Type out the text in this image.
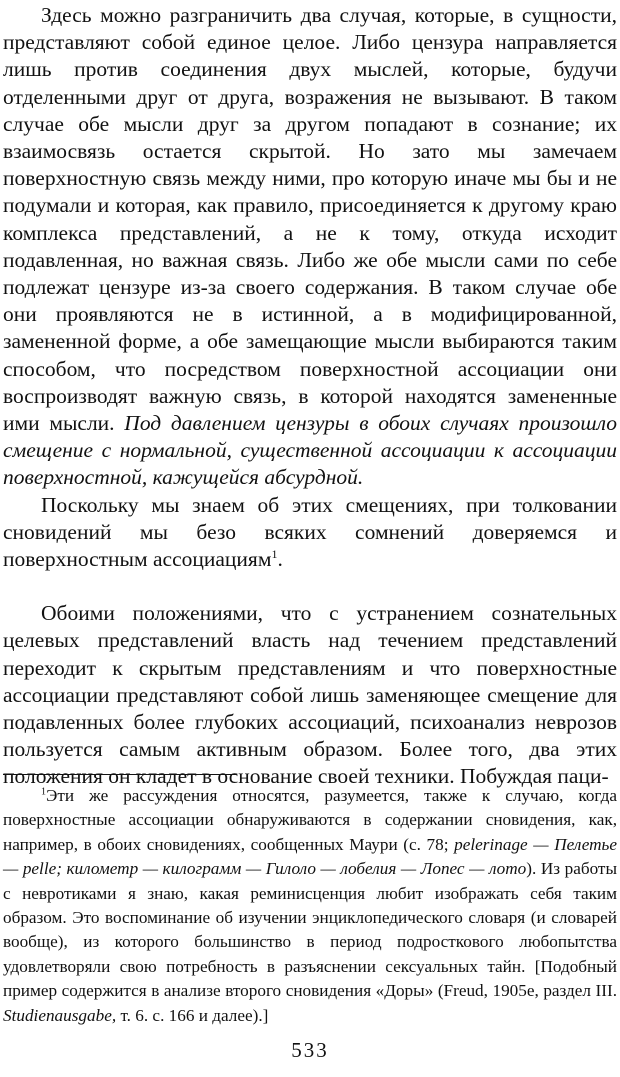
Здесь можно разграничить два случая, которые, в сущности, представляют собой единое целое. Либо цензура направляется лишь против соединения двух мыслей, которые, будучи отделенными друг от друга, возражения не вызывают. В таком случае обе мысли друг за другом попадают в сознание; их взаимосвязь остается скрытой. Но зато мы замечаем поверхностную связь между ними, про которую иначе мы бы и не подумали и которая, как правило, присоединяется к другому краю комплекса представлений, а не к тому, откуда исходит подавленная, но важная связь. Либо же обе мысли сами по себе подлежат цензуре из-за своего содержания. В таком случае обе они проявляются не в истинной, а в модифицированной, замененной форме, а обе замещающие мысли выбираются таким способом, что посредством поверхностной ассоциации они воспроизводят важную связь, в которой находятся замененные ими мысли. Под давлением цензуры в обоих случаях произошло смещение с нормальной, существенной ассоциации к ассоциации поверхностной, кажущейся абсурдной.

Поскольку мы знаем об этих смещениях, при толковании сновидений мы безо всяких сомнений доверяемся и поверхностным ассоциациям$^1$.

Обоими положениями, что с устранением сознательных целевых представлений власть над течением представлений переходит к скрытым представлениям и что поверхностные ассоциации представляют собой лишь заменяющее смещение для подавленных более глубоких ассоциаций, психоанализ неврозов пользуется самым активным образом. Более того, два этих положения он кладет в основание своей техники. Побуждая паци-

$^1$Эти же рассуждения относятся, разумеется, также к случаю, когда поверхностные ассоциации обнаруживаются в содержании сновидения, как, например, в обоих сновидениях, сообщенных Маури (с. 78; pelerinage — Пелетье — pelle; километр — килограмм — Гилоло — лобелия — Лопес — лото). Из работы с невротиками я знаю, какая реминисценция любит изображать себя таким образом. Это воспоминание об изучении энциклопедического словаря (и словарей вообще), из которого большинство в период подросткового любопытства удовлетворяли свою потребность в разъяснении сексуальных тайн. [Подобный пример содержится в анализе второго сновидения «Доры» (Freud, 1905e, раздел III. Studienausgabe, т. 6. с. 166 и далее).]

533
